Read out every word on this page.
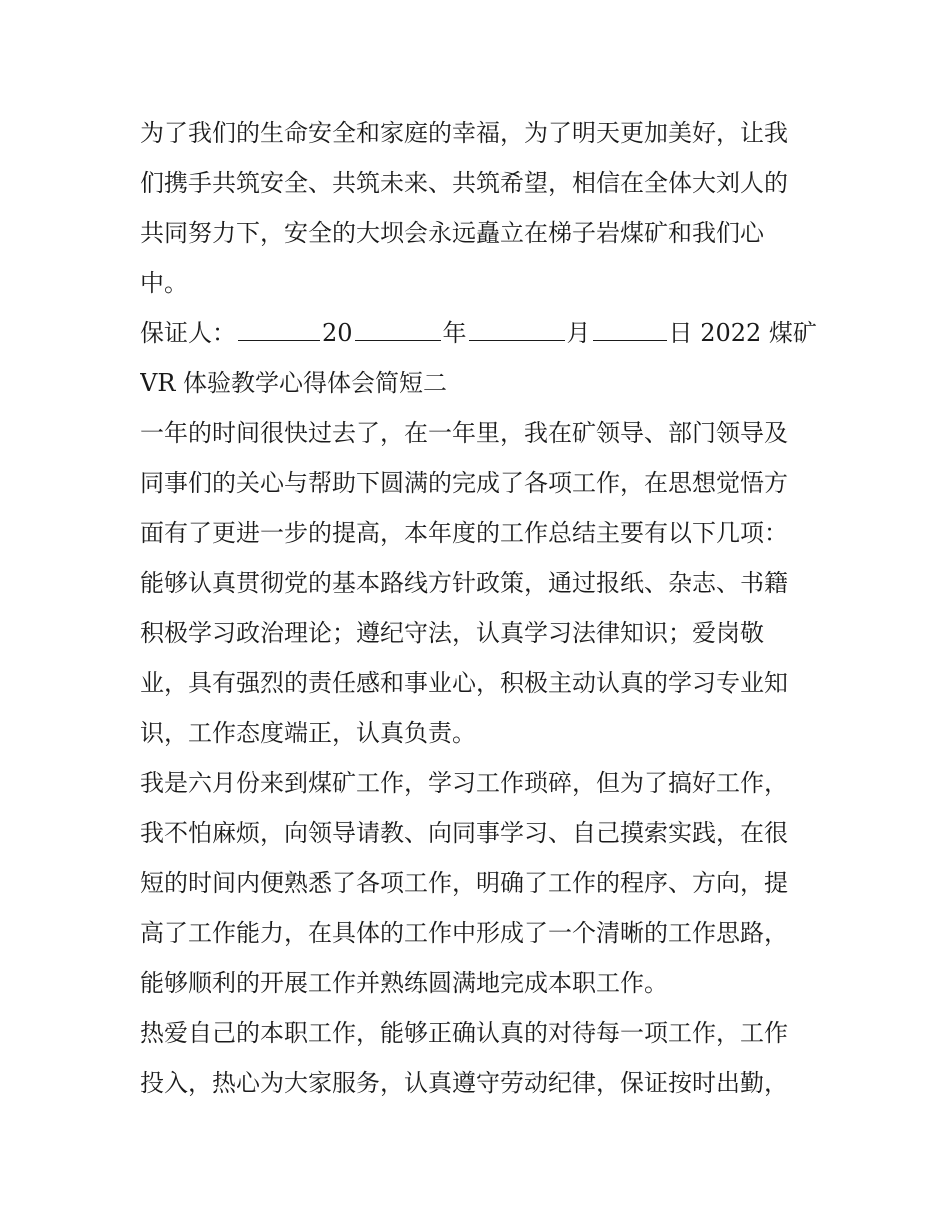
为了我们的生命安全和家庭的幸福，为了明天更加美好，让我
们携手共筑安全、共筑未来、共筑希望，相信在全体大刘人的
共同努力下，安全的大坝会永远矗立在梯子岩煤矿和我们心
中。
保证人：	20	年	月	日 2022 煤矿
VR 体验教学心得体会简短二
一年的时间很快过去了，在一年里，我在矿领导、部门领导及
同事们的关心与帮助下圆满的完成了各项工作，在思想觉悟方
面有了更进一步的提高，本年度的工作总结主要有以下几项：
能够认真贯彻党的基本路线方针政策，通过报纸、杂志、书籍
积极学习政治理论；遵纪守法，认真学习法律知识；爱岗敬
业，具有强烈的责任感和事业心，积极主动认真的学习专业知
识，工作态度端正，认真负责。
我是六月份来到煤矿工作，学习工作琐碎，但为了搞好工作，
我不怕麻烦，向领导请教、向同事学习、自己摸索实践，在很
短的时间内便熟悉了各项工作，明确了工作的程序、方向，提
高了工作能力，在具体的工作中形成了一个清晰的工作思路，
能够顺利的开展工作并熟练圆满地完成本职工作。
热爱自己的本职工作，能够正确认真的对待每一项工作，工作
投入，热心为大家服务，认真遵守劳动纪律，保证按时出勤，
